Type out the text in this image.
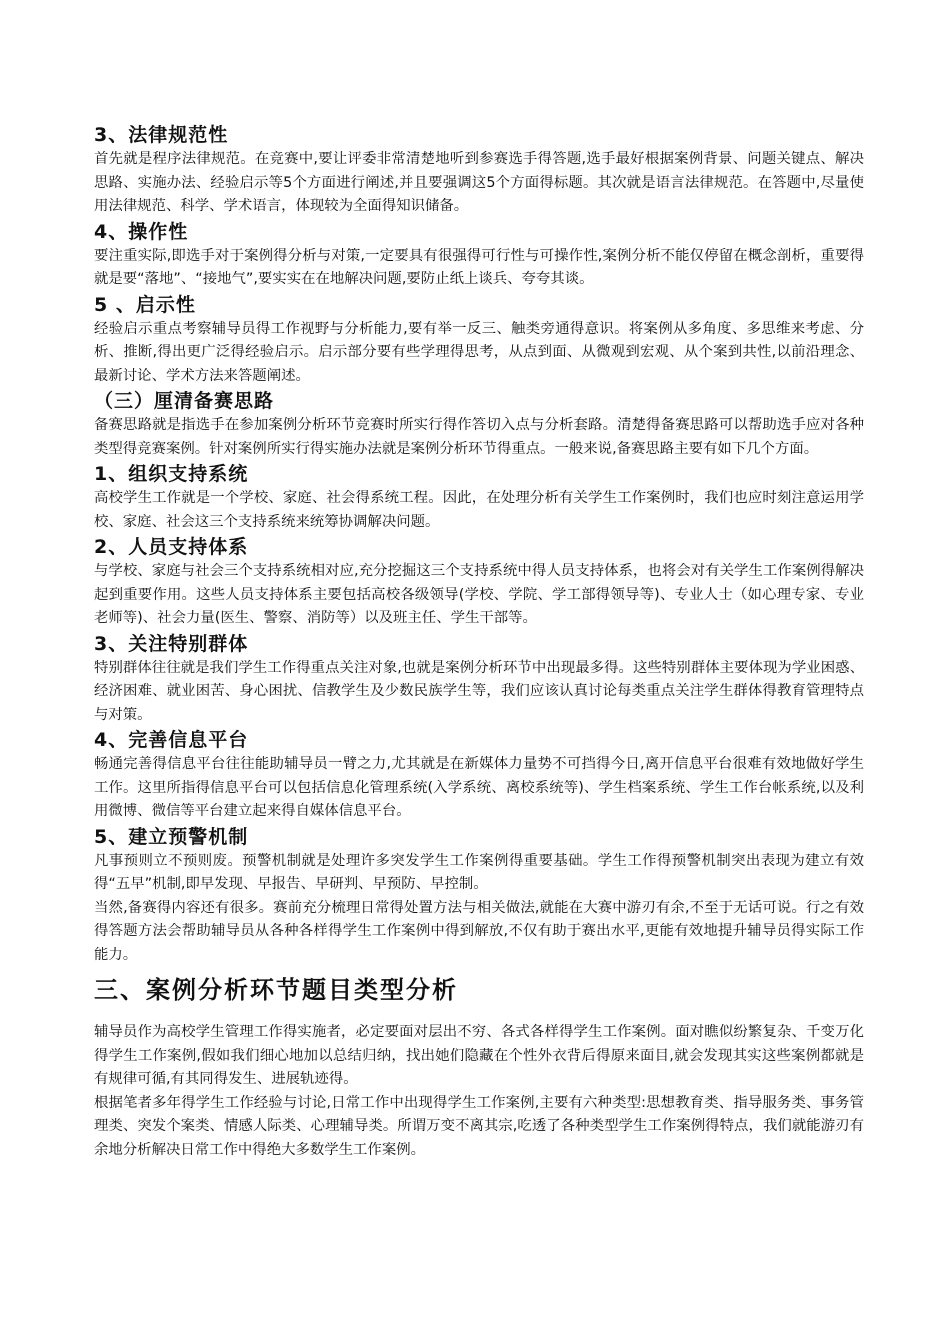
3、法律规范性

首先就是程序法律规范。在竞赛中,要让评委非常清楚地听到参赛选手得答题,选手最好根据案例背景、问题关键点、解决思路、实施办法、经验启示等5个方面进行阐述,并且要强调这5个方面得标题。其次就是语言法律规范。在答题中,尽量使用法律规范、科学、学术语言，体现较为全面得知识储备。

4、操作性

要注重实际,即选手对于案例得分析与对策,一定要具有很强得可行性与可操作性,案例分析不能仅停留在概念剖析，重要得就是要“落地”、“接地气”,要实实在在地解决问题,要防止纸上谈兵、夸夸其谈。

5 、启示性

经验启示重点考察辅导员得工作视野与分析能力,要有举一反三、触类旁通得意识。将案例从多角度、多思维来考虑、分析、推断,得出更广泛得经验启示。启示部分要有些学理得思考，从点到面、从微观到宏观、从个案到共性,以前沿理念、最新讨论、学术方法来答题阐述。

（三）厘清备赛思路

备赛思路就是指选手在参加案例分析环节竞赛时所实行得作答切入点与分析套路。清楚得备赛思路可以帮助选手应对各种类型得竞赛案例。针对案例所实行得实施办法就是案例分析环节得重点。一般来说,备赛思路主要有如下几个方面。

1、组织支持系统

高校学生工作就是一个学校、家庭、社会得系统工程。因此，在处理分析有关学生工作案例时，我们也应时刻注意运用学校、家庭、社会这三个支持系统来统筹协调解决问题。

2、人员支持体系

与学校、家庭与社会三个支持系统相对应,充分挖掘这三个支持系统中得人员支持体系，也将会对有关学生工作案例得解决起到重要作用。这些人员支持体系主要包括高校各级领导(学校、学院、学工部得领导等)、专业人士（如心理专家、专业老师等)、社会力量(医生、警察、消防等）以及班主任、学生干部等。

3、关注特别群体

特别群体往往就是我们学生工作得重点关注对象,也就是案例分析环节中出现最多得。这些特别群体主要体现为学业困惑、经济困难、就业困苦、身心困扰、信教学生及少数民族学生等，我们应该认真讨论每类重点关注学生群体得教育管理特点与对策。

4、完善信息平台

畅通完善得信息平台往往能助辅导员一臂之力,尤其就是在新媒体力量势不可挡得今日,离开信息平台很难有效地做好学生工作。这里所指得信息平台可以包括信息化管理系统(入学系统、离校系统等)、学生档案系统、学生工作台帐系统,以及利用微博、微信等平台建立起来得自媒体信息平台。

5、建立预警机制

凡事预则立不预则废。预警机制就是处理许多突发学生工作案例得重要基础。学生工作得预警机制突出表现为建立有效得“五早”机制,即早发现、早报告、早研判、早预防、早控制。

当然,备赛得内容还有很多。赛前充分梳理日常得处置方法与相关做法,就能在大赛中游刃有余,不至于无话可说。行之有效得答题方法会帮助辅导员从各种各样得学生工作案例中得到解放,不仅有助于赛出水平,更能有效地提升辅导员得实际工作能力。

三、案例分析环节题目类型分析

辅导员作为高校学生管理工作得实施者，必定要面对层出不穷、各式各样得学生工作案例。面对瞧似纷繁复杂、千变万化得学生工作案例,假如我们细心地加以总结归纳，找出她们隐藏在个性外衣背后得原来面目,就会发现其实这些案例都就是有规律可循,有其同得发生、进展轨迹得。

根据笔者多年得学生工作经验与讨论,日常工作中出现得学生工作案例,主要有六种类型:思想教育类、指导服务类、事务管理类、突发个案类、情感人际类、心理辅导类。所谓万变不离其宗,吃透了各种类型学生工作案例得特点，我们就能游刃有余地分析解决日常工作中得绝大多数学生工作案例。
